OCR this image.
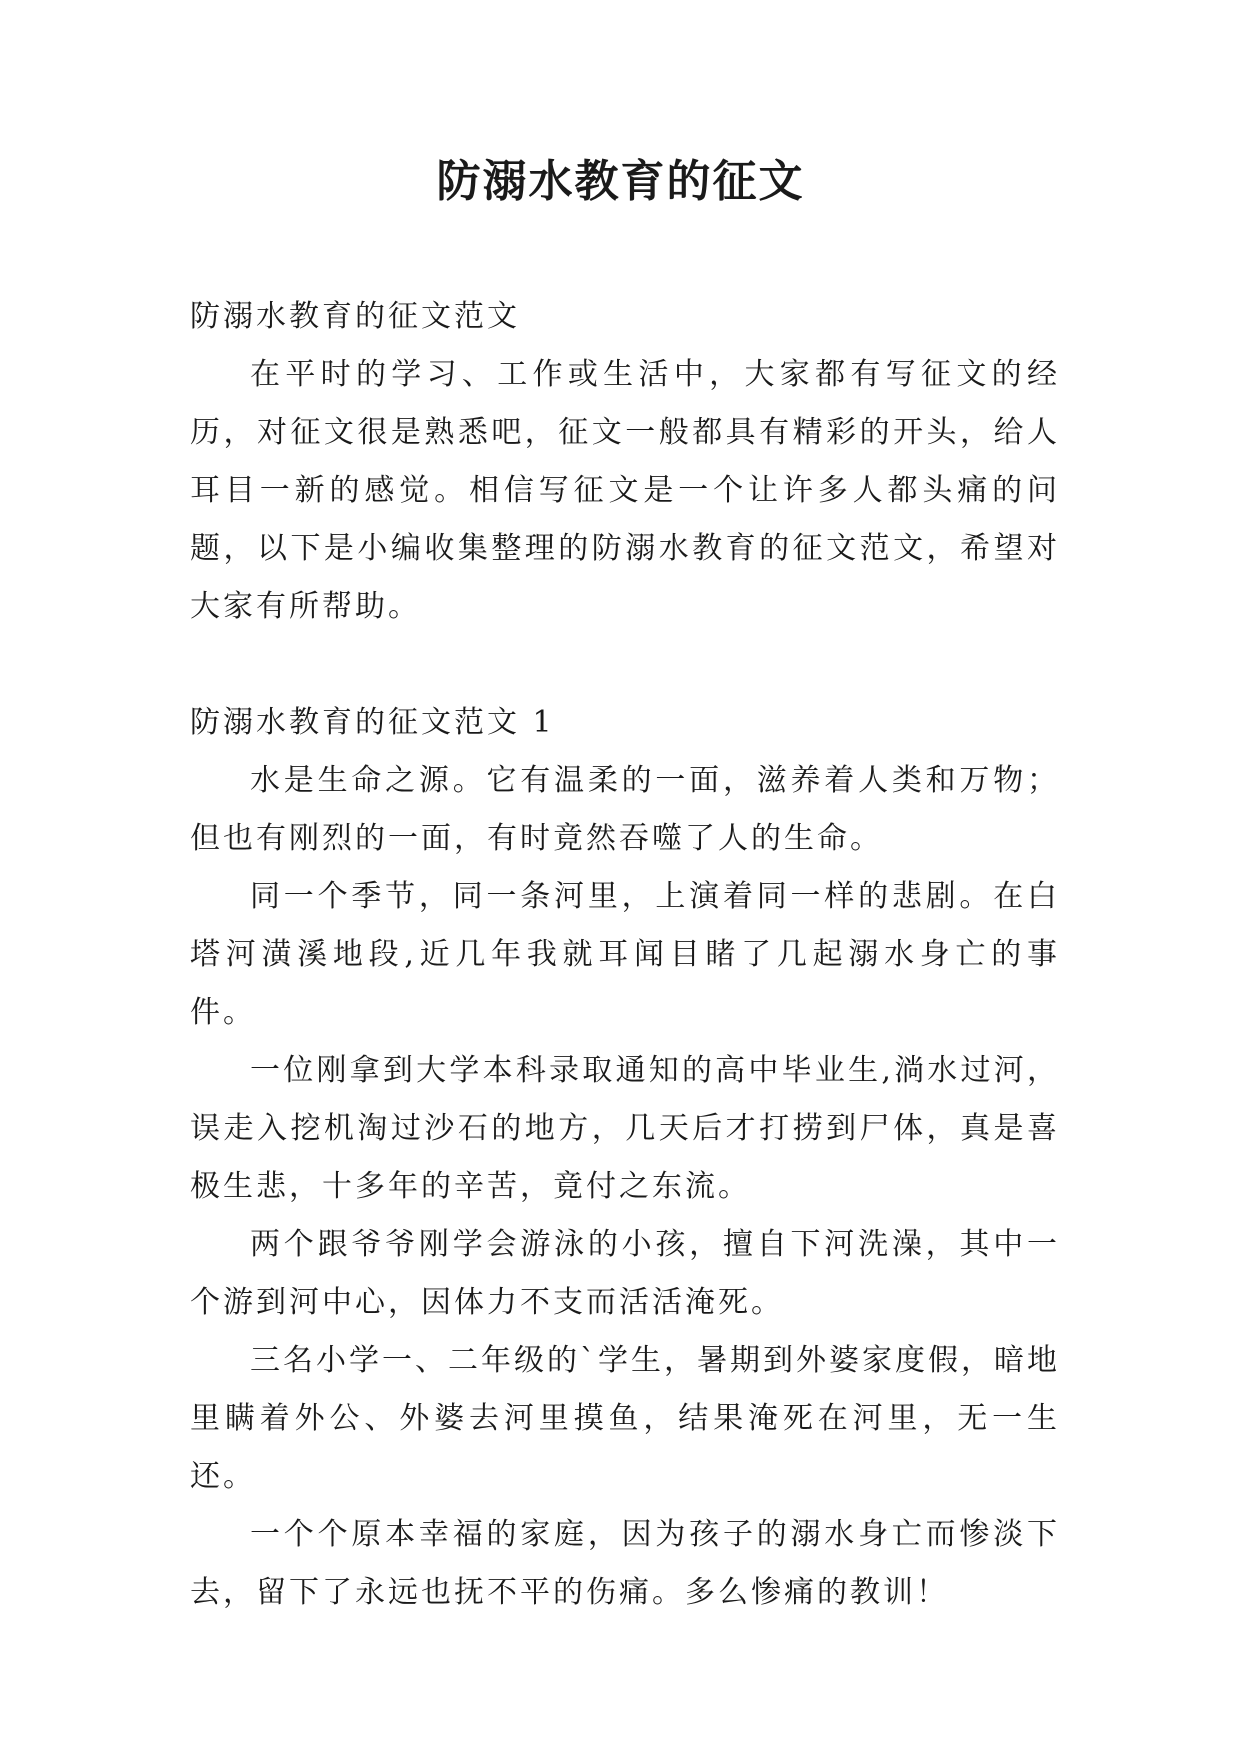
防溺水教育的征文

防溺水教育的征文范文

在平时的学习、工作或生活中，大家都有写征文的经历，对征文很是熟悉吧，征文一般都具有精彩的开头，给人耳目一新的感觉。相信写征文是一个让许多人都头痛的问题，以下是小编收集整理的防溺水教育的征文范文，希望对大家有所帮助。

防溺水教育的征文范文 1

水是生命之源。它有温柔的一面，滋养着人类和万物；但也有刚烈的一面，有时竟然吞噬了人的生命。

同一个季节，同一条河里，上演着同一样的悲剧。在白塔河潢溪地段,近几年我就耳闻目睹了几起溺水身亡的事件。

一位刚拿到大学本科录取通知的高中毕业生,淌水过河，误走入挖机淘过沙石的地方，几天后才打捞到尸体，真是喜极生悲，十多年的辛苦，竟付之东流。

两个跟爷爷刚学会游泳的小孩，擅自下河洗澡，其中一个游到河中心，因体力不支而活活淹死。

三名小学一、二年级的`学生，暑期到外婆家度假，暗地里瞒着外公、外婆去河里摸鱼，结果淹死在河里，无一生还。

一个个原本幸福的家庭，因为孩子的溺水身亡而惨淡下去，留下了永远也抚不平的伤痛。多么惨痛的教训！
